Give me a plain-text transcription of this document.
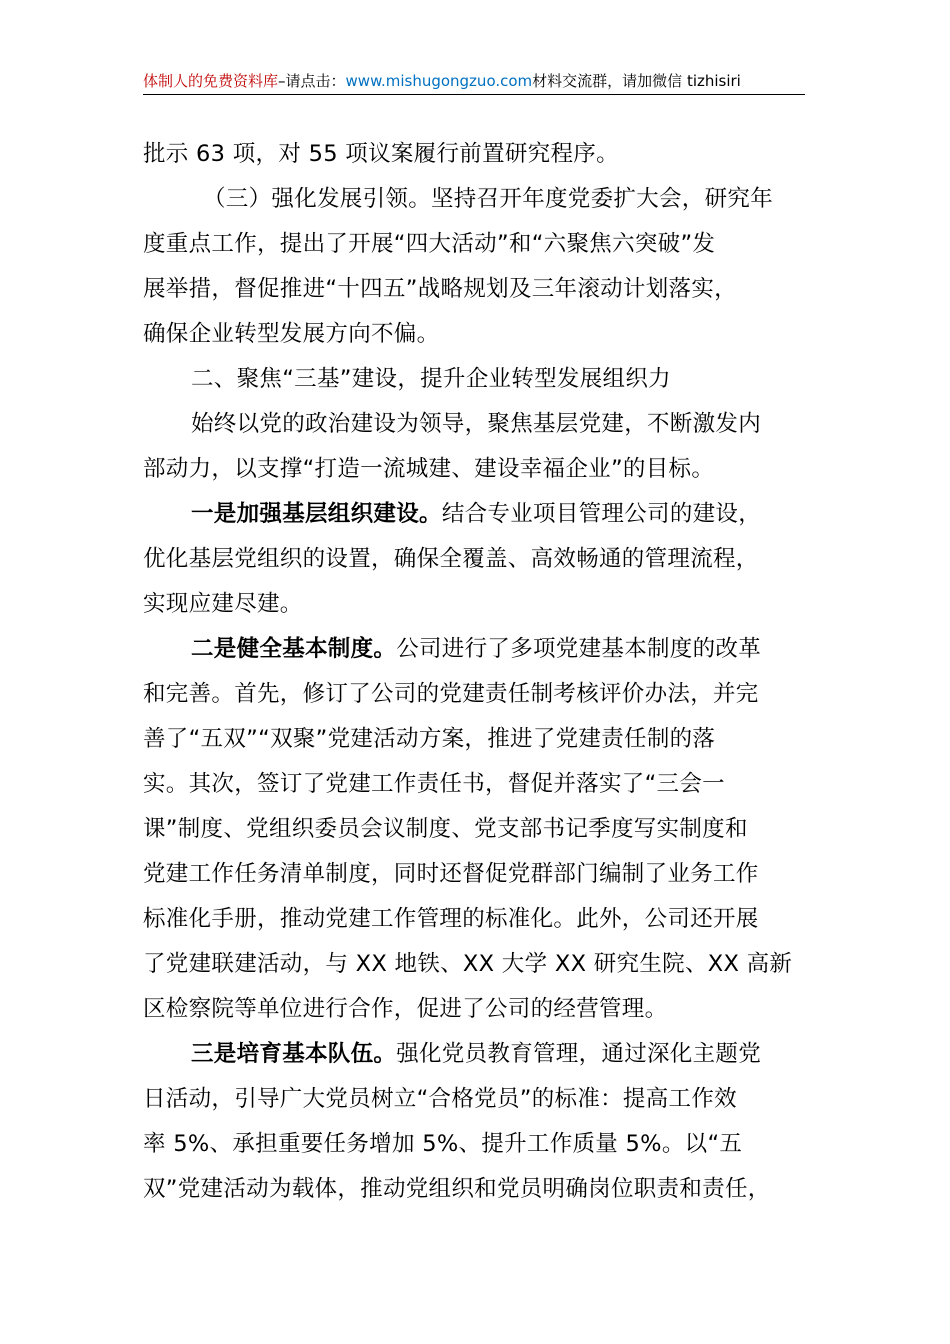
体制人的免费资料库–请点击：www.mishugongzuo.com材料交流群，请加微信 tizhisiri
批示 63 项，对 55 项议案履行前置研究程序。
（三）强化发展引领。坚持召开年度党委扩大会，研究年
度重点工作，提出了开展“四大活动”和“六聚焦六突破”发
展举措，督促推进“十四五”战略规划及三年滚动计划落实，
确保企业转型发展方向不偏。
二、聚焦“三基”建设，提升企业转型发展组织力
始终以党的政治建设为领导，聚焦基层党建，不断激发内
部动力，以支撑“打造一流城建、建设幸福企业”的目标。
一是加强基层组织建设。结合专业项目管理公司的建设，
优化基层党组织的设置，确保全覆盖、高效畅通的管理流程，
实现应建尽建。
二是健全基本制度。公司进行了多项党建基本制度的改革
和完善。首先，修订了公司的党建责任制考核评价办法，并完
善了“五双”“双聚”党建活动方案，推进了党建责任制的落
实。其次，签订了党建工作责任书，督促并落实了“三会一
课”制度、党组织委员会议制度、党支部书记季度写实制度和
党建工作任务清单制度，同时还督促党群部门编制了业务工作
标准化手册，推动党建工作管理的标准化。此外，公司还开展
了党建联建活动，与 XX 地铁、XX 大学 XX 研究生院、XX 高新
区检察院等单位进行合作，促进了公司的经营管理。
三是培育基本队伍。强化党员教育管理，通过深化主题党
日活动，引导广大党员树立“合格党员”的标准：提高工作效
率 5%、承担重要任务增加 5%、提升工作质量 5%。以“五
双”党建活动为载体，推动党组织和党员明确岗位职责和责任，
